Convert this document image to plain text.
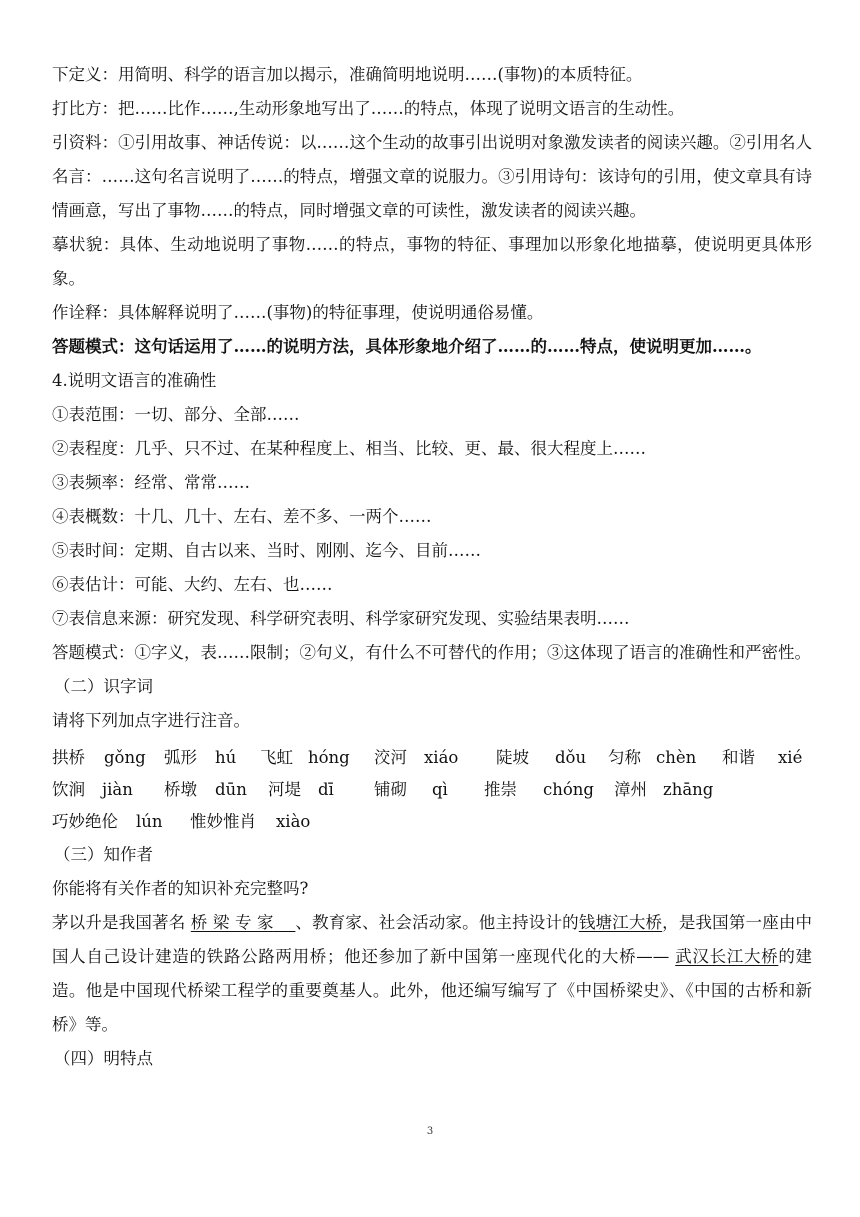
下定义：用简明、科学的语言加以揭示，准确简明地说明……(事物)的本质特征。

打比方：把……比作……,生动形象地写出了……的特点，体现了说明文语言的生动性。

引资料：①引用故事、神话传说：以……这个生动的故事引出说明对象激发读者的阅读兴趣。②引用名人名言：……这句名言说明了……的特点，增强文章的说服力。③引用诗句：该诗句的引用，使文章具有诗情画意，写出了事物……的特点，同时增强文章的可读性，激发读者的阅读兴趣。

摹状貌：具体、生动地说明了事物……的特点，事物的特征、事理加以形象化地描摹，使说明更具体形象。

作诠释：具体解释说明了……(事物)的特征事理，使说明通俗易懂。

答题模式：这句话运用了……的说明方法，具体形象地介绍了……的……特点，使说明更加……。

4.说明文语言的准确性

①表范围：一切、部分、全部……

②表程度：几乎、只不过、在某种程度上、相当、比较、更、最、很大程度上……

③表频率：经常、常常……

④表概数：十几、几十、左右、差不多、一两个……

⑤表时间：定期、自古以来、当时、刚刚、迄今、目前……

⑥表估计：可能、大约、左右、也……

⑦表信息来源：研究发现、科学研究表明、科学家研究发现、实验结果表明……

答题模式：①字义，表……限制；②句义，有什么不可替代的作用；③这体现了语言的准确性和严密性。

（二）识字词

请将下列加点字进行注音。

拱桥 gǒng 弧形 hú 飞虹 hóng 洨河 xiáo 陡坡 dǒu 匀称 chèn 和谐 xié
饮涧 jiàn 桥墩 dūn 河堤 dī 铺砌 qì 推崇 chóng 漳州 zhāng
巧妙绝伦 lún 惟妙惟肖 xiào

（三）知作者

你能将有关作者的知识补充完整吗?

茅以升是我国著名 桥 梁 专 家 、教育家、社会活动家。他主持设计的钱塘江大桥，是我国第一座由中国人自己设计建造的铁路公路两用桥；他还参加了新中国第一座现代化的大桥—— 武汉长江大桥的建造。他是中国现代桥梁工程学的重要奠基人。此外，他还编写编写了《中国桥梁史》、《中国的古桥和新桥》等。

（四）明特点

3
